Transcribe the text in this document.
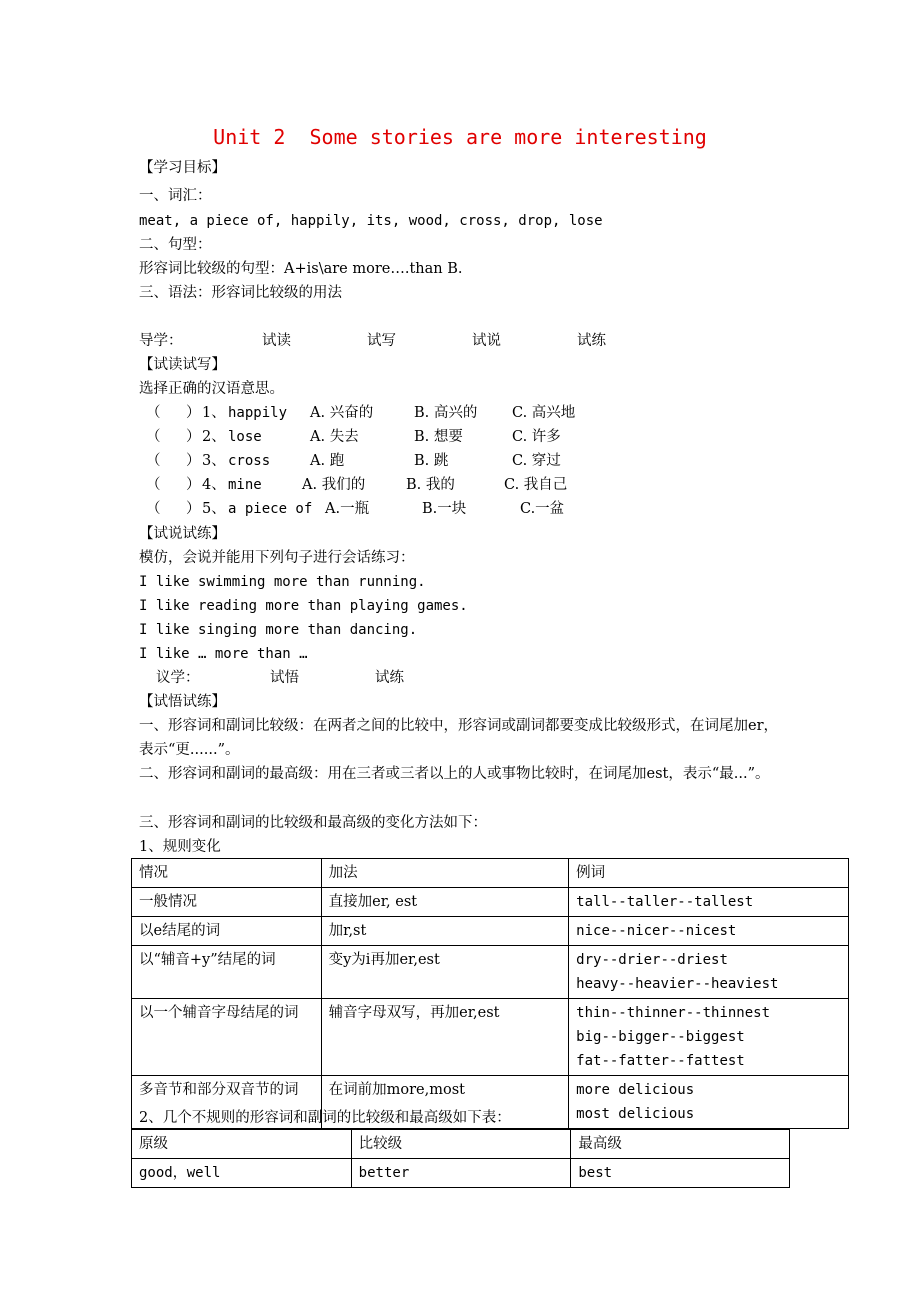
Unit 2  Some stories are more interesting
【学习目标】
一、词汇：
meat, a piece of, happily, its, wood, cross, drop, lose
二、句型：
形容词比较级的句型：A+is\are more….than B.
三、语法：形容词比较级的用法
导学：	试读	试写	试说	试练
【试读试写】
选择正确的汉语意思。
（ ） 1、 happily A. 兴奋的	B. 高兴的 C. 高兴地
（ ） 2、 lose	A. 失去	B. 想要	C. 许多
（ ） 3、 cross	A. 跑	B. 跳	C. 穿过
（ ） 4、 mine	A. 我们的	B. 我的	C. 我自己
（ ） 5、 a piece of A.一瓶	B.一块	C.一盆
【试说试练】
模仿，会说并能用下列句子进行会话练习：
I like swimming more than running.
I like reading more than playing games.
I like singing more than dancing.
I like … more than …
议学：	试悟	试练
【试悟试练】
一、形容词和副词比较级：在两者之间的比较中，形容词或副词都要变成比较级形式，在词尾加er，表示“更......”。
二、形容词和副词的最高级：用在三者或三者以上的人或事物比较时，在词尾加est，表示“最...”。
三、形容词和副词的比较级和最高级的变化方法如下：
1、规则变化
情况	加法	例词
一般情况	直接加er, est	tall--taller--tallest

以e结尾的词	加r,st	nice--nicer--nicest

以“辅音+y”结尾的词	变y为i再加er,est	dry--drier--driest
heavy--heavier--heaviest

以一个辅音字母结尾的词	辅音字母双写，再加er,est	thin--thinner--thinnest
big--bigger--biggest
fat--fatter--fattest

多音节和部分双音节的词	在词前加more,most	more delicious
most delicious
2、几个不规则的形容词和副词的比较级和最高级如下表：
原级	比较级	最高级
good，well	better	best
